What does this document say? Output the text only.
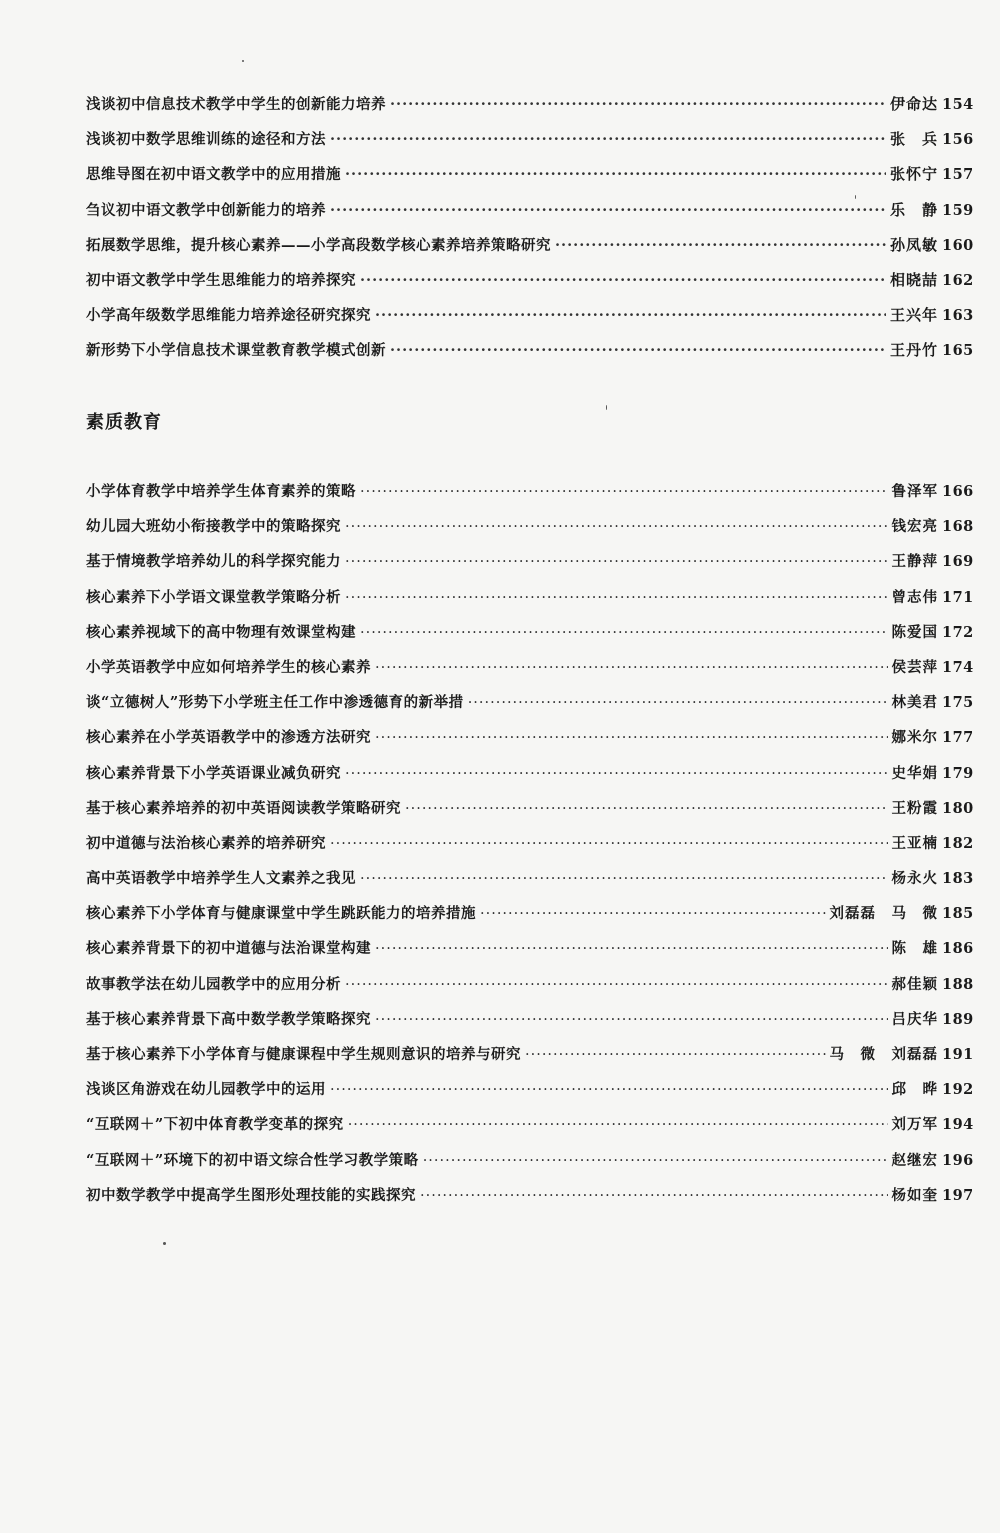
浅谈初中信息技术教学中学生的创新能力培养 ·····	伊命达 154
浅谈初中数学思维训练的途径和方法 ·····	张　兵 156
思维导图在初中语文教学中的应用措施 ·····	张怀宁 157
刍议初中语文教学中创新能力的培养 ·····	乐　静 159
拓展数学思维，提升核心素养——小学高段数学核心素养培养策略研究 ·····	孙凤敏 160
初中语文教学中学生思维能力的培养探究 ·····	相晓喆 162
小学高年级数学思维能力培养途径研究探究 ·····	王兴年 163
新形势下小学信息技术课堂教育教学模式创新 ·····	王丹竹 165
素质教育
小学体育教学中培养学生体育素养的策略 ·····	鲁泽军 166
幼儿园大班幼小衔接教学中的策略探究 ·····	钱宏亮 168
基于情境教学培养幼儿的科学探究能力 ·····	王静萍 169
核心素养下小学语文课堂教学策略分析 ·····	曾志伟 171
核心素养视域下的高中物理有效课堂构建 ·····	陈爱国 172
小学英语教学中应如何培养学生的核心素养 ·····	侯芸萍 174
谈“立德树人”形势下小学班主任工作中渗透德育的新举措 ·····	林美君 175
核心素养在小学英语教学中的渗透方法研究 ·····	娜米尔 177
核心素养背景下小学英语课业减负研究 ·····	史华娟 179
基于核心素养培养的初中英语阅读教学策略研究 ·····	王粉霞 180
初中道德与法治核心素养的培养研究 ·····	王亚楠 182
高中英语教学中培养学生人文素养之我见 ·····	杨永火 183
核心素养下小学体育与健康课堂中学生跳跃能力的培养措施 ·····	刘磊磊　马　微 185
核心素养背景下的初中道德与法治课堂构建 ·····	陈　雄 186
故事教学法在幼儿园教学中的应用分析 ·····	郝佳颖 188
基于核心素养背景下高中数学教学策略探究 ·····	吕庆华 189
基于核心素养下小学体育与健康课程中学生规则意识的培养与研究 ·····	马　微　刘磊磊 191
浅谈区角游戏在幼儿园教学中的运用 ·····	邱　晔 192
“互联网＋”下初中体育教学变革的探究 ·····	刘万军 194
“互联网＋”环境下的初中语文综合性学习教学策略 ·····	赵继宏 196
初中数学教学中提高学生图形处理技能的实践探究 ·····	杨如奎 197
